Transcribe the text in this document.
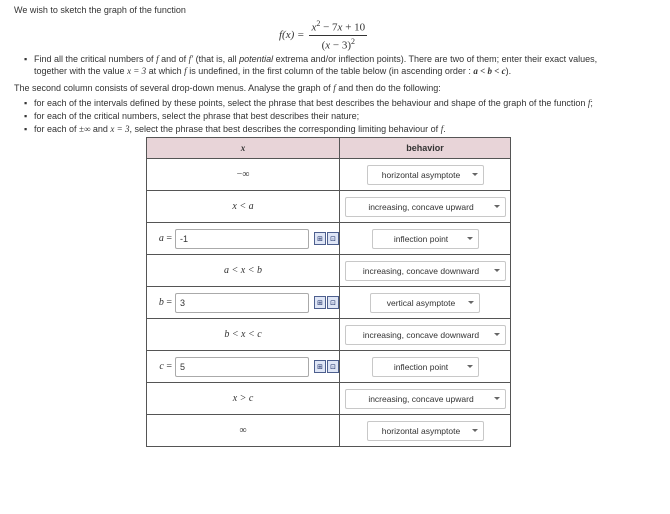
We wish to sketch the graph of the function
$f(x) = \frac{x^2 - 7x + 10}{(x - 3)^2}$
▪ Find all the critical numbers of f and of f′ (that is, all potential extrema and/or inflection points). There are two of them; enter their exact values,
together with the value x = 3 at which f is undefined, in the first column of the table below (in ascending order : a < b < c).
The second column consists of several drop-down menus. Analyse the graph of f and then do the following:
▪ for each of the intervals defined by these points, select the phrase that best describes the behaviour and shape of the graph of the function f;
▪ for each of the critical numbers, select the phrase that best describes their nature;
▪ for each of ±∞ and x = 3, select the phrase that best describes the corresponding limiting behaviour of f.
x	behavior
−∞	horizontal asymptote

x < a	increasing, concave upward

a =
-1 ⊞ ⊡	inflection point

a < x < b	increasing, concave downward

b =
3 ⊞ ⊡	vertical asymptote

b < x < c	increasing, concave downward

c =
5 ⊞ ⊡	inflection point

x > c	increasing, concave upward

∞	horizontal asymptote
